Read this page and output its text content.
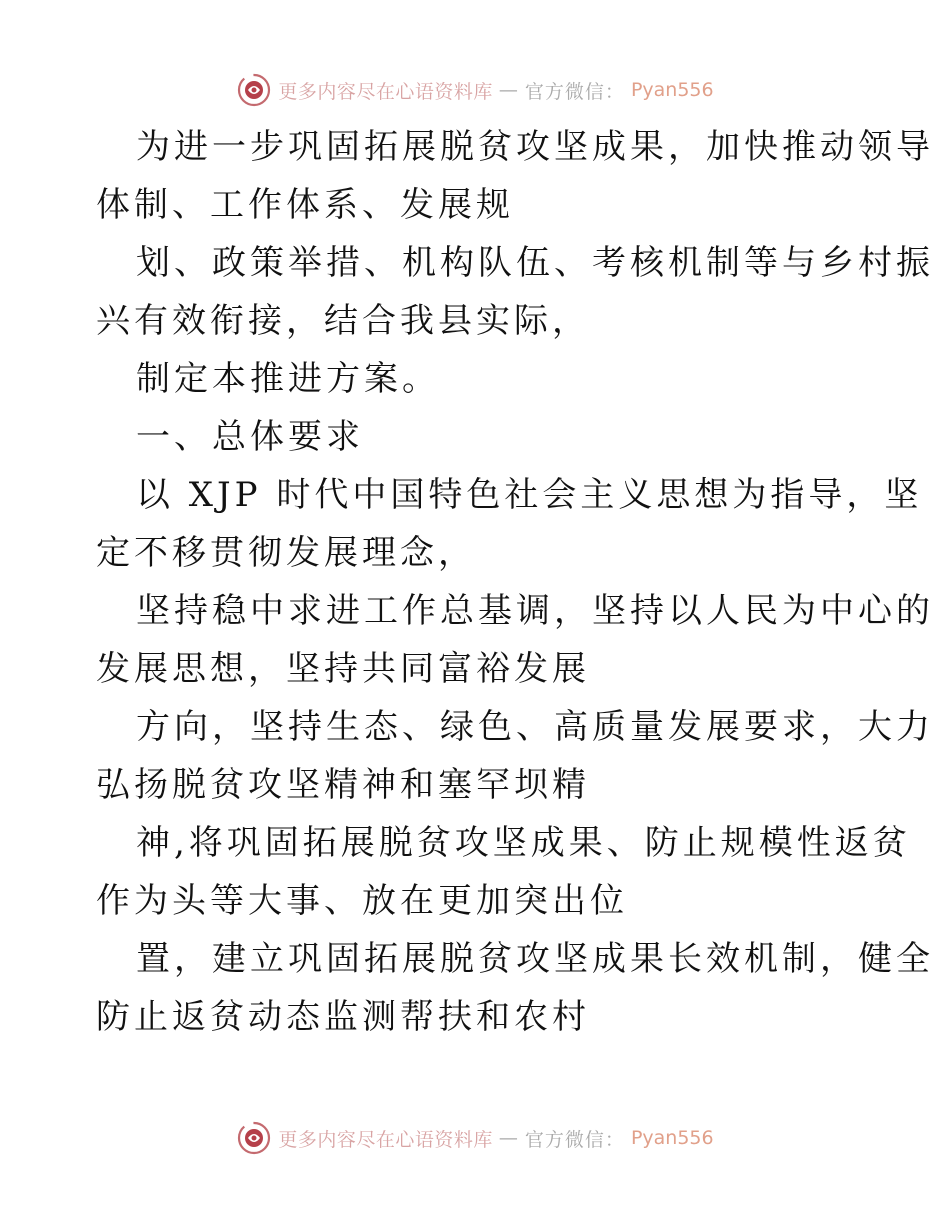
更多内容尽在心语资料库 — 官方微信： Pyan556

为进一步巩固拓展脱贫攻坚成果，加快推动领导

体制、工作体系、发展规

划、政策举措、机构队伍、考核机制等与乡村振

兴有效衔接，结合我县实际，

制定本推进方案。

一、总体要求

以 XJP 时代中国特色社会主义思想为指导，坚

定不移贯彻发展理念，

坚持稳中求进工作总基调，坚持以人民为中心的

发展思想，坚持共同富裕发展

方向，坚持生态、绿色、高质量发展要求，大力

弘扬脱贫攻坚精神和塞罕坝精

神,将巩固拓展脱贫攻坚成果、防止规模性返贫

作为头等大事、放在更加突出位

置，建立巩固拓展脱贫攻坚成果长效机制，健全

防止返贫动态监测帮扶和农村

更多内容尽在心语资料库 — 官方微信： Pyan556
